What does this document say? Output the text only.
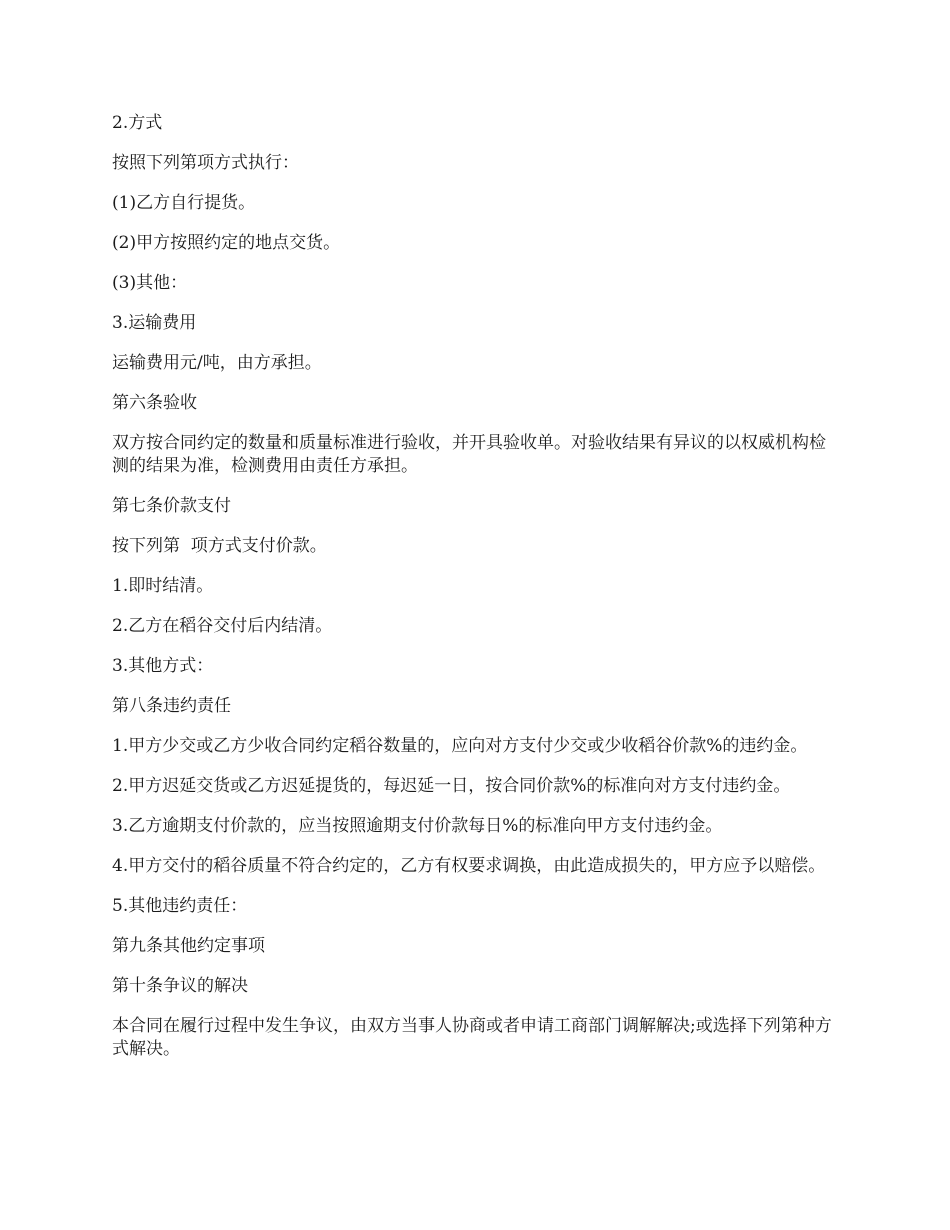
2.方式

按照下列第项方式执行：

(1)乙方自行提货。

(2)甲方按照约定的地点交货。

(3)其他：

3.运输费用

运输费用元/吨，由方承担。

第六条验收

双方按合同约定的数量和质量标准进行验收，并开具验收单。对验收结果有异议的以权威机构检测的结果为准，检测费用由责任方承担。

第七条价款支付

按下列第  项方式支付价款。

1.即时结清。

2.乙方在稻谷交付后内结清。

3.其他方式：

第八条违约责任

1.甲方少交或乙方少收合同约定稻谷数量的，应向对方支付少交或少收稻谷价款%的违约金。

2.甲方迟延交货或乙方迟延提货的，每迟延一日，按合同价款%的标准向对方支付违约金。

3.乙方逾期支付价款的，应当按照逾期支付价款每日%的标准向甲方支付违约金。

4.甲方交付的稻谷质量不符合约定的，乙方有权要求调换，由此造成损失的，甲方应予以赔偿。

5.其他违约责任：

第九条其他约定事项

第十条争议的解决

本合同在履行过程中发生争议，由双方当事人协商或者申请工商部门调解解决;或选择下列第种方式解决。
